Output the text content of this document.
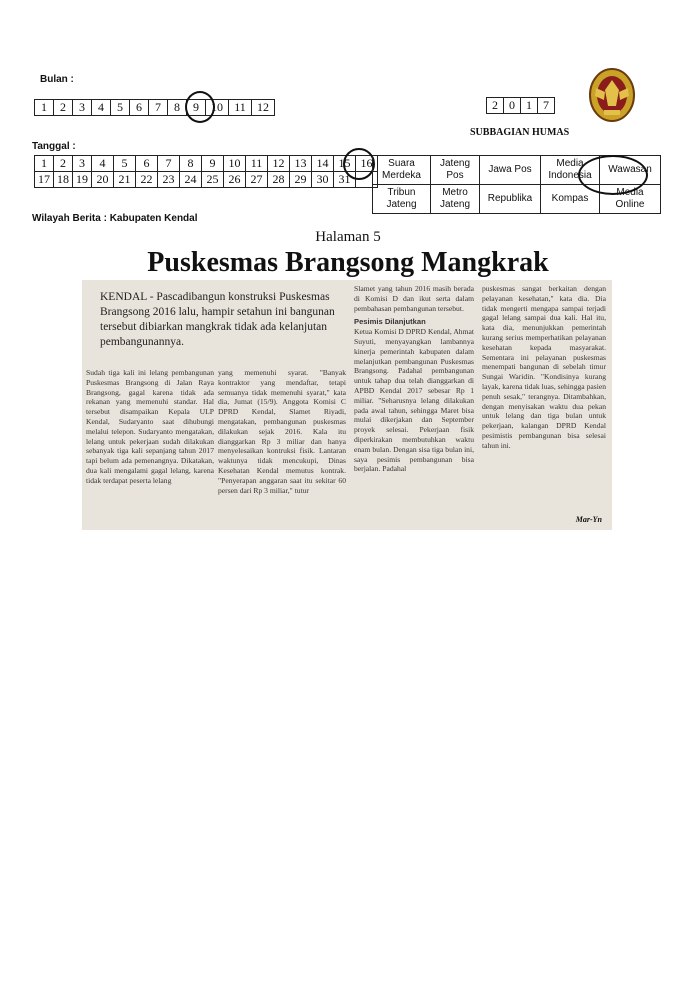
Bulan :
1	2	3	4	5	6	7	8	9	10	11	12	2	0	1	7
SUBBAGIAN HUMAS
Tanggal :
1	2	3	4	5	6	7	8	9	10	11	12	13	14	15	16
17	18	19	20	21	22	23	24	25	26	27	28	29	30	31	
Suara Merdeka	Jateng Pos	Jawa Pos	Media Indonesia	Wawasan
Tribun Jateng	Metro Jateng	Republika	Kompas	Media Online
Wilayah Berita : Kabupaten Kendal
Halaman 5
Puskesmas Brangsong Mangkrak
KENDAL - Pascadibangun konstruksi Puskesmas Brangsong 2016 lalu, hampir setahun ini bangunan tersebut dibiarkan mangkrak tidak ada kelanjutan pembangunannya.
Sudah tiga kali ini lelang pembangunan Puskesmas Brangsong di Jalan Raya Brangsong, gagal karena tidak ada rekanan yang memenuhi standar. Hal tersebut disampaikan Kepala ULP Kendal, Sudaryanto saat dihubungi melalui telepon. Sudaryanto mengatakan, lelang untuk pekerjaan sudah dilakukan sebanyak tiga kali sepanjang tahun 2017 tapi belum ada pemenangnya. Dikatakan, dua kali mengalami gagal lelang, karena tidak terdapat peserta lelang
yang memenuhi syarat. "Banyak kontraktor yang mendaftar, tetapi semuanya tidak memenuhi syarat," kata dia, Jumat (15/9). Anggota Komisi C DPRD Kendal, Slamet Riyadi, mengatakan, pembangunan puskesmas dilakukan sejak 2016. Kala itu dianggarkan Rp 3 miliar dan hanya menyelesaikan kontruksi fisik. Lantaran waktunya tidak mencukupi, Dinas Kesehatan Kendal memutus kontrak. "Penyerapan anggaran saat itu sekitar 60 persen dari Rp 3 miliar," tutur
Slamet yang tahun 2016 masih berada di Komisi D dan ikut serta dalam pembahasan pembangunan tersebut.
Pesimis Dilanjutkan
Ketua Komisi D DPRD Kendal, Ahmat Suyuti, menyayangkan lambannya kinerja pemerintah kabupaten dalam melanjutkan pembangunan Puskesmas Brangsong. Padahal pembangunan untuk tahap dua telah dianggarkan di APBD Kendal 2017 sebesar Rp 1 miliar. "Seharusnya lelang dilakukan pada awal tahun, sehingga Maret bisa mulai dikerjakan dan September proyek selesai. Pekerjaan fisik diperkirakan membutuhkan waktu enam bulan. Dengan sisa tiga bulan ini, saya pesimis pembangunan bisa berjalan. Padahal
puskesmas sangat berkaitan dengan pelayanan kesehatan," kata dia. Dia tidak mengerti mengapa sampai terjadi gagal lelang sampai dua kali. Hal itu, kata dia, menunjukkan pemerintah kurang serius memperhatikan pelayanan kesehatan kepada masyarakat. Sementara ini pelayanan puskesmas menempati bangunan di sebelah timur Sungai Waridin. "Kondisinya kurang layak, karena tidak luas, sehingga pasien penuh sesak," terangnya. Ditambahkan, dengan menyisakan waktu dua pekan untuk lelang dan tiga bulan untuk pekerjaan, kalangan DPRD Kendal pesimistis pembangunan bisa selesai tahun ini.
Mar-Yn
